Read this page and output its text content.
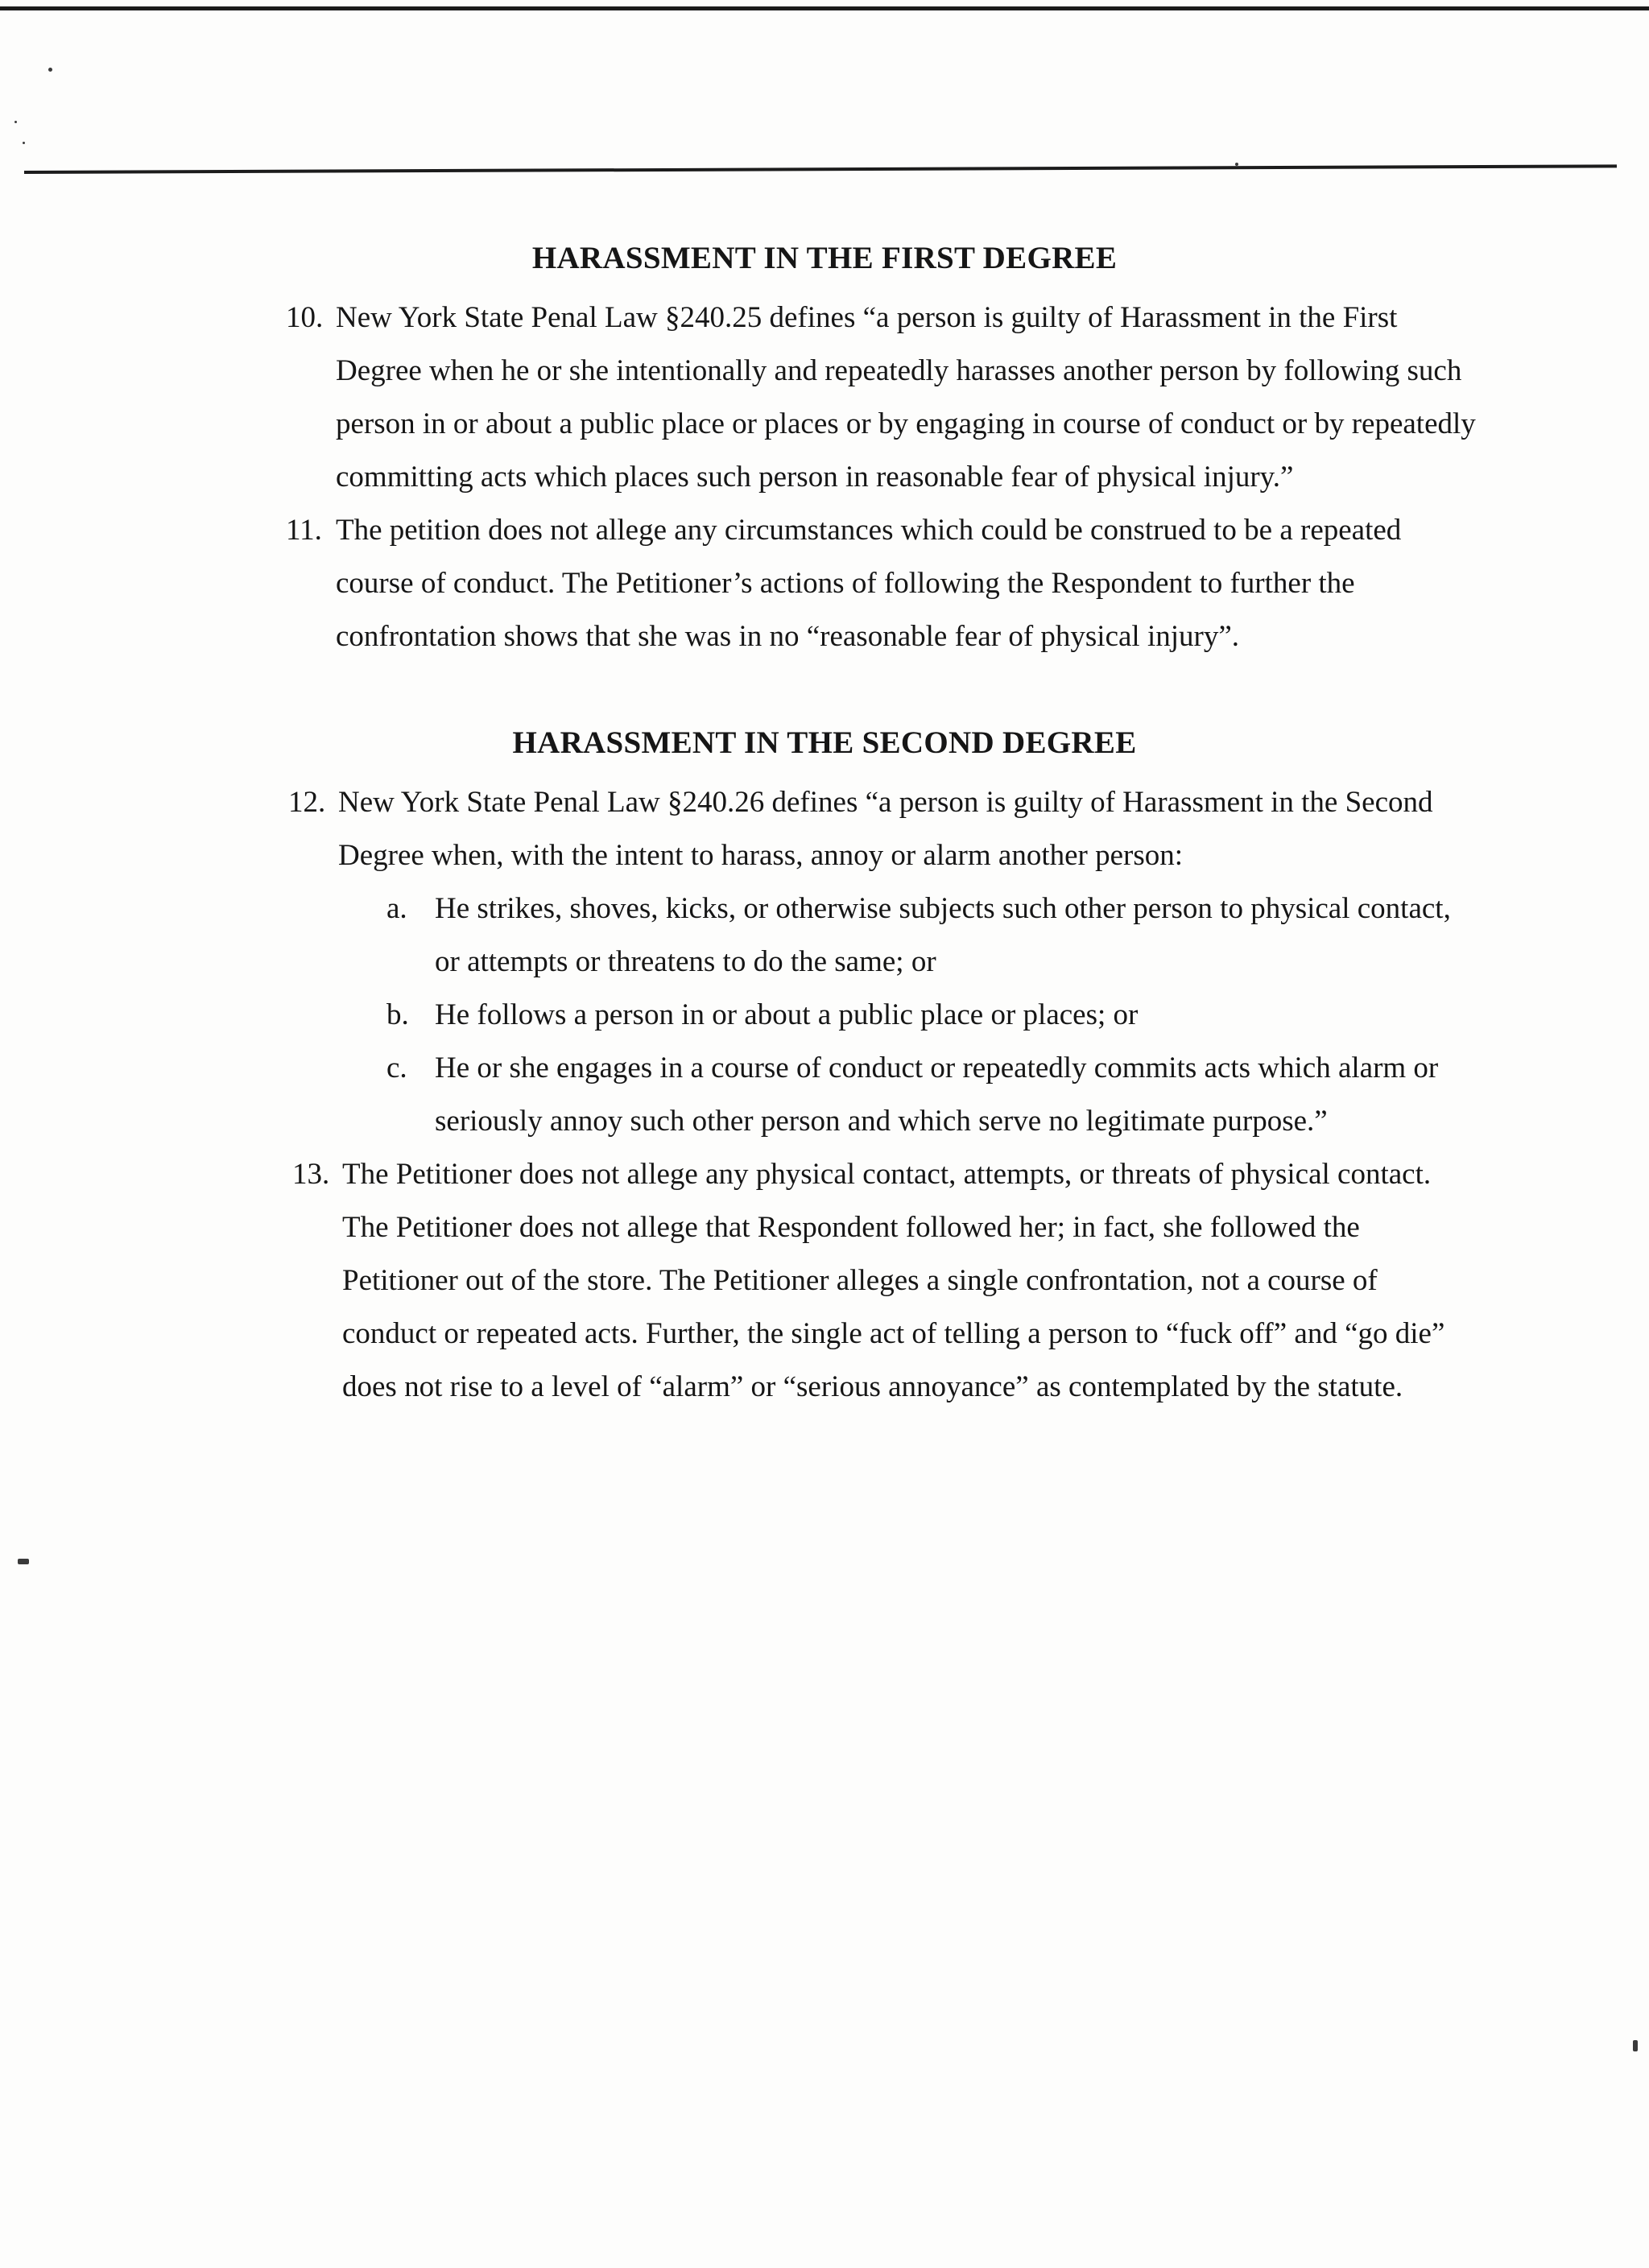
HARASSMENT IN THE FIRST DEGREE
10. New York State Penal Law §240.25 defines “a person is guilty of Harassment in the First
Degree when he or she intentionally and repeatedly harasses another person by following such
person in or about a public place or places or by engaging in course of conduct or by repeatedly
committing acts which places such person in reasonable fear of physical injury.”
11. The petition does not allege any circumstances which could be construed to be a repeated
course of conduct. The Petitioner’s actions of following the Respondent to further the
confrontation shows that she was in no “reasonable fear of physical injury”.
HARASSMENT IN THE SECOND DEGREE
12. New York State Penal Law §240.26 defines “a person is guilty of Harassment in the Second
Degree when, with the intent to harass, annoy or alarm another person:
a. He strikes, shoves, kicks, or otherwise subjects such other person to physical contact,
or attempts or threatens to do the same; or
b. He follows a person in or about a public place or places; or
c. He or she engages in a course of conduct or repeatedly commits acts which alarm or
seriously annoy such other person and which serve no legitimate purpose.”
13. The Petitioner does not allege any physical contact, attempts, or threats of physical contact.
The Petitioner does not allege that Respondent followed her; in fact, she followed the
Petitioner out of the store. The Petitioner alleges a single confrontation, not a course of
conduct or repeated acts. Further, the single act of telling a person to “fuck off” and “go die”
does not rise to a level of “alarm” or “serious annoyance” as contemplated by the statute.
